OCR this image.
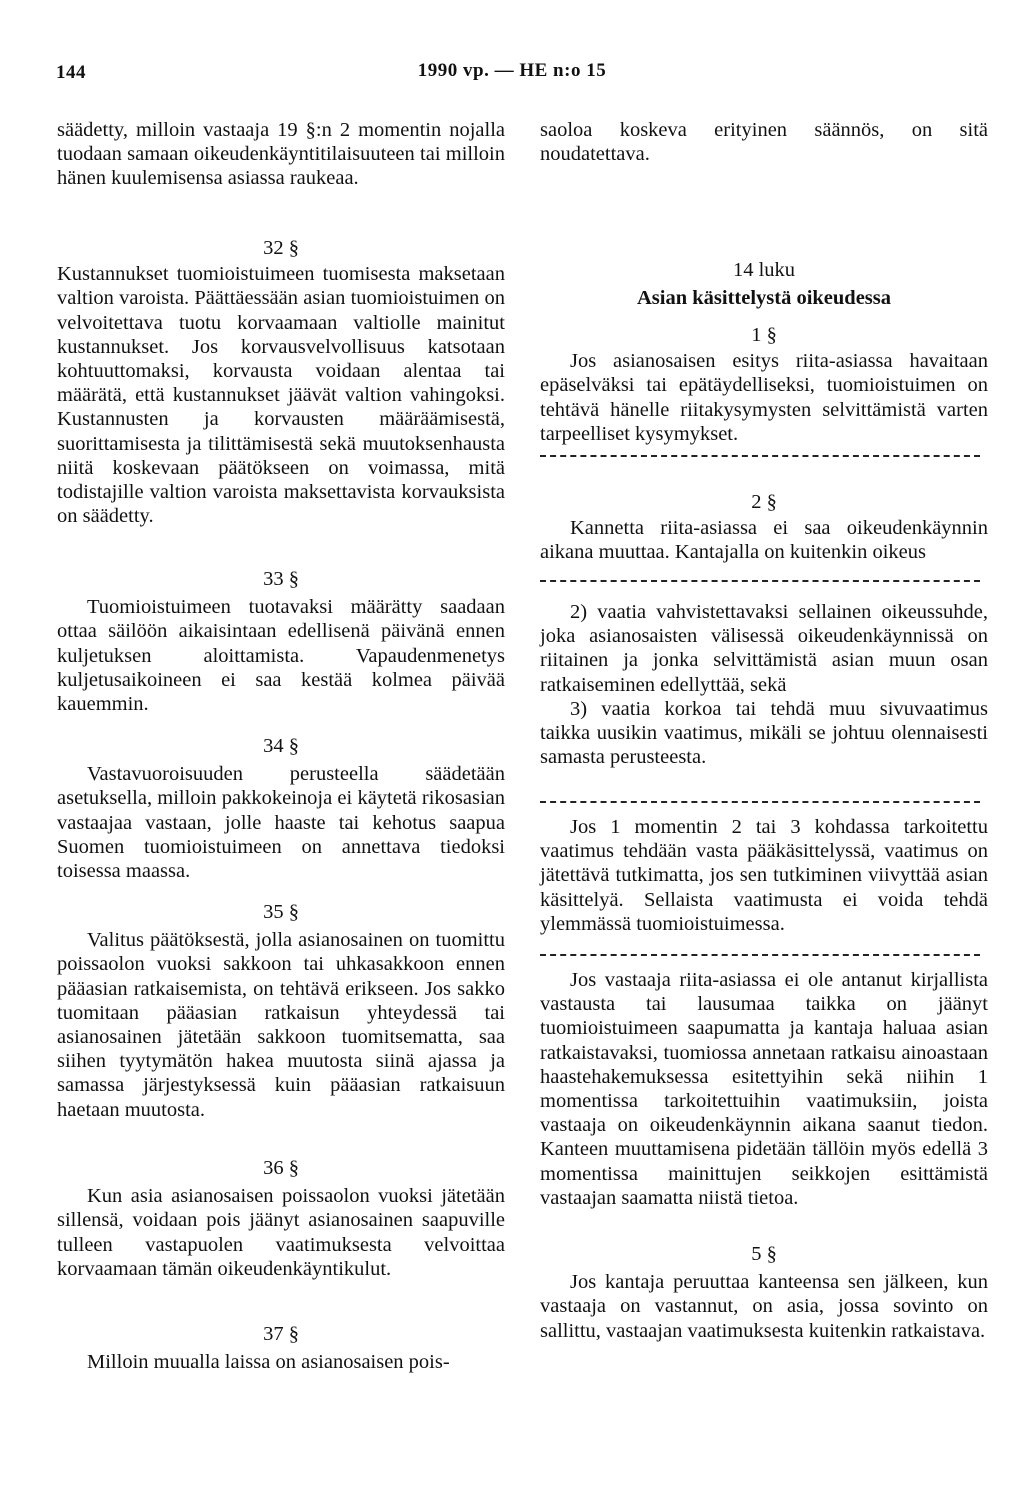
144	1990 vp. — HE n:o 15

säädetty, milloin vastaaja 19 §:n 2 momentin nojalla tuodaan samaan oikeudenkäyntitilaisuuteen tai milloin hänen kuulemisensa asiassa raukeaa.

32 §

Kustannukset tuomioistuimeen tuomisesta maksetaan valtion varoista. Päättäessään asian tuomioistuimen on velvoitettava tuotu korvaamaan valtiolle mainitut kustannukset. Jos korvausvelvollisuus katsotaan kohtuuttomaksi, korvausta voidaan alentaa tai määrätä, että kustannukset jäävät valtion vahingoksi. Kustannusten ja korvausten määräämisestä, suorittamisesta ja tilittämisestä sekä muutoksenhausta niitä koskevaan päätökseen on voimassa, mitä todistajille valtion varoista maksettavista korvauksista on säädetty.

33 §

Tuomioistuimeen tuotavaksi määrätty saadaan ottaa säilöön aikaisintaan edellisenä päivänä ennen kuljetuksen aloittamista. Vapaudenmenetys kuljetusaikoineen ei saa kestää kolmea päivää kauemmin.

34 §

Vastavuoroisuuden perusteella säädetään asetuksella, milloin pakkokeinoja ei käytetä rikosasian vastaajaa vastaan, jolle haaste tai kehotus saapua Suomen tuomioistuimeen on annettava tiedoksi toisessa maassa.

35 §

Valitus päätöksestä, jolla asianosainen on tuomittu poissaolon vuoksi sakkoon tai uhkasakkoon ennen pääasian ratkaisemista, on tehtävä erikseen. Jos sakko tuomitaan pääasian ratkaisun yhteydessä tai asianosainen jätetään sakkoon tuomitsematta, saa siihen tyytymätön hakea muutosta siinä ajassa ja samassa järjestyksessä kuin pääasian ratkaisuun haetaan muutosta.

36 §

Kun asia asianosaisen poissaolon vuoksi jätetään sillensä, voidaan pois jäänyt asianosainen saapuville tulleen vastapuolen vaatimuksesta velvoittaa korvaamaan tämän oikeudenkäyntikulut.

37 §

Milloin muualla laissa on asianosaisen pois-

saoloa koskeva erityinen säännös, on sitä noudatettava.

14 luku

Asian käsittelystä oikeudessa

1 §

Jos asianosaisen esitys riita-asiassa havaitaan epäselväksi tai epätäydelliseksi, tuomioistuimen on tehtävä hänelle riitakysymysten selvittämistä varten tarpeelliset kysymykset.

2 §

Kannetta riita-asiassa ei saa oikeudenkäynnin aikana muuttaa. Kantajalla on kuitenkin oikeus

2) vaatia vahvistettavaksi sellainen oikeussuhde, joka asianosaisten välisessä oikeudenkäynnissä on riitainen ja jonka selvittämistä asian muun osan ratkaiseminen edellyttää, sekä

3) vaatia korkoa tai tehdä muu sivuvaatimus taikka uusikin vaatimus, mikäli se johtuu olennaisesti samasta perusteesta.

Jos 1 momentin 2 tai 3 kohdassa tarkoitettu vaatimus tehdään vasta pääkäsittelyssä, vaatimus on jätettävä tutkimatta, jos sen tutkiminen viivyttää asian käsittelyä. Sellaista vaatimusta ei voida tehdä ylemmässä tuomioistuimessa.

Jos vastaaja riita-asiassa ei ole antanut kirjallista vastausta tai lausumaa taikka on jäänyt tuomioistuimeen saapumatta ja kantaja haluaa asian ratkaistavaksi, tuomiossa annetaan ratkaisu ainoastaan haastehakemuksessa esitettyihin sekä niihin 1 momentissa tarkoitettuihin vaatimuksiin, joista vastaaja on oikeudenkäynnin aikana saanut tiedon. Kanteen muuttamisena pidetään tällöin myös edellä 3 momentissa mainittujen seikkojen esittämistä vastaajan saamatta niistä tietoa.

5 §

Jos kantaja peruuttaa kanteensa sen jälkeen, kun vastaaja on vastannut, on asia, jossa sovinto on sallittu, vastaajan vaatimuksesta kuitenkin ratkaistava.
